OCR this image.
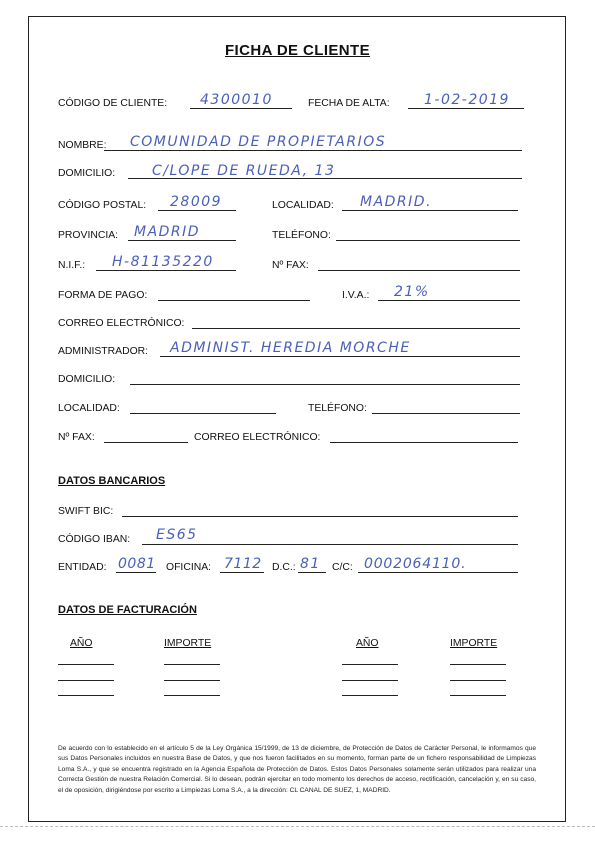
FICHA DE CLIENTE
CÓDIGO DE CLIENTE: 4300010	FECHA DE ALTA: 1-02-2019
NOMBRE: COMUNIDAD DE PROPIETARIOS
DOMICILIO:	C/LOPE DE RUEDA, 13
CÓDIGO POSTAL: 28009	LOCALIDAD: MADRID.
PROVINCIA: MADRID	TELÉFONO:
N.I.F.: H-81135220	Nº FAX:
FORMA DE PAGO:	I.V.A.: 21%
CORREO ELECTRÓNICO:
ADMINISTRADOR: ADMINIST. HEREDIA MORCHE
DOMICILIO:
LOCALIDAD:	TELÉFONO:
Nº FAX:	CORREO ELECTRÓNICO:
DATOS BANCARIOS
SWIFT BIC:
CÓDIGO IBAN: ES65
ENTIDAD: 0081 OFICINA: 7112 D.C.: 81 C/C: 0002064110.
DATOS DE FACTURACIÓN
AÑO	IMPORTE	AÑO	IMPORTE
De acuerdo con lo establecido en el artículo 5 de la Ley Orgánica 15/1999, de 13 de diciembre, de Protección de Datos de Carácter Personal, le informamos que sus Datos Personales incluidos en nuestra Base de Datos, y que nos fueron facilitados en su momento, forman parte de un fichero responsabilidad de Limpiezas Loma S.A., y que se encuentra registrado en la Agencia Española de Protección de Datos. Estos Datos Personales solamente serán utilizados para realizar una Correcta Gestión de nuestra Relación Comercial. Si lo desean, podrán ejercitar en todo momento los derechos de acceso, rectificación, cancelación y, en su caso, el de oposición, dirigiéndose por escrito a Limpiezas Loma S.A., a la dirección: CL CANAL DE SUEZ, 1, MADRID.
